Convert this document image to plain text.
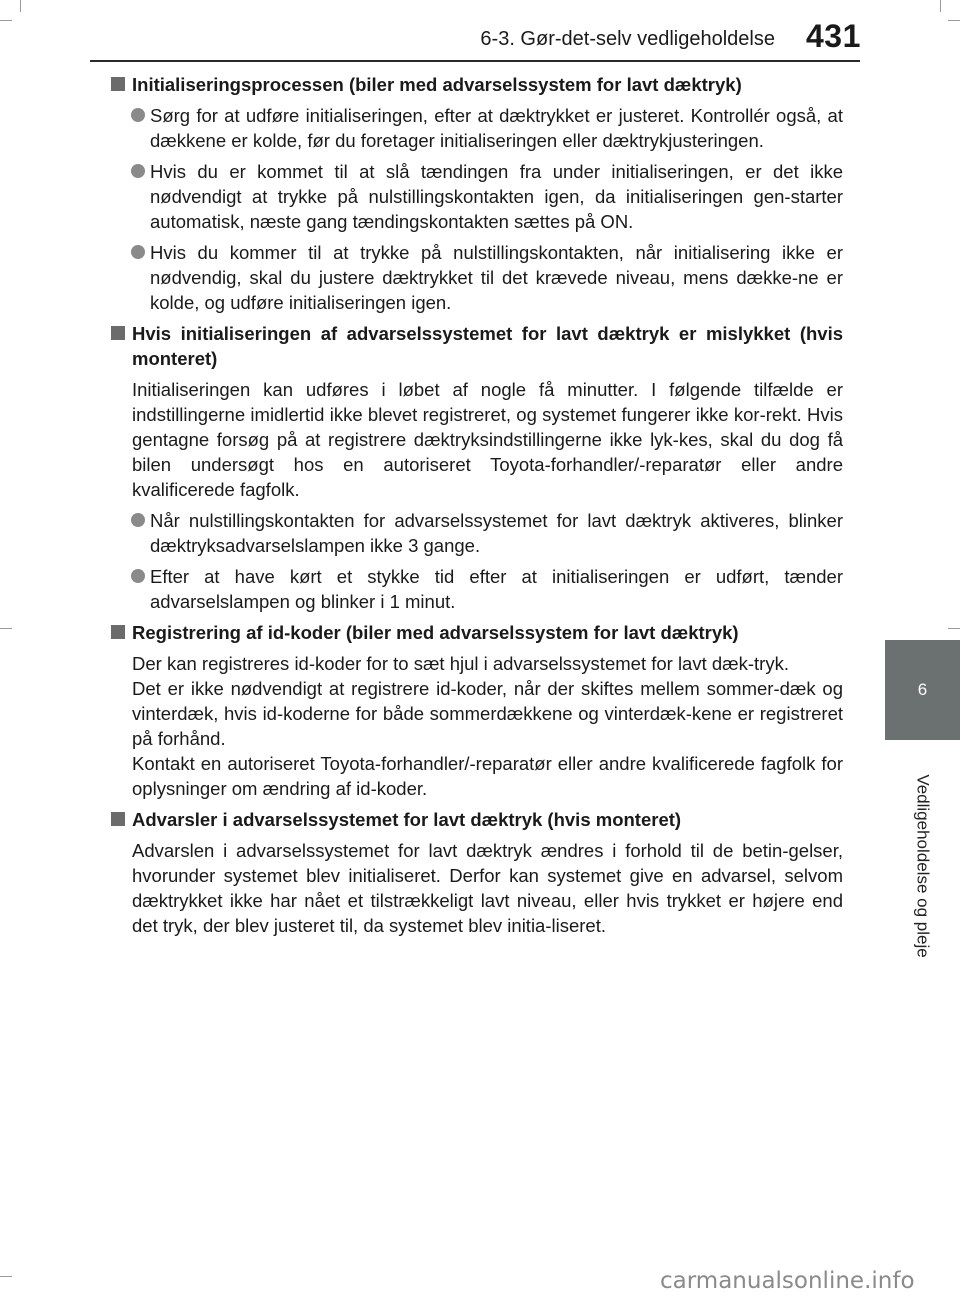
6-3. Gør-det-selv vedligeholdelse 431
6
Vedligeholdelse og pleje
Initialiseringsprocessen (biler med advarselssystem for lavt dæktryk)
Sørg for at udføre initialiseringen, efter at dæktrykket er justeret. Kontrollér også, at dækkene er kolde, før du foretager initialiseringen eller dæktrykjusteringen.
Hvis du er kommet til at slå tændingen fra under initialiseringen, er det ikke nødvendigt at trykke på nulstillingskontakten igen, da initialiseringen gen-starter automatisk, næste gang tændingskontakten sættes på ON.
Hvis du kommer til at trykke på nulstillingskontakten, når initialisering ikke er nødvendig, skal du justere dæktrykket til det krævede niveau, mens dække-ne er kolde, og udføre initialiseringen igen.
Hvis initialiseringen af advarselssystemet for lavt dæktryk er mislykket (hvis monteret)
Initialiseringen kan udføres i løbet af nogle få minutter. I følgende tilfælde er indstillingerne imidlertid ikke blevet registreret, og systemet fungerer ikke kor-rekt. Hvis gentagne forsøg på at registrere dæktryksindstillingerne ikke lyk-kes, skal du dog få bilen undersøgt hos en autoriseret Toyota-forhandler/-reparatør eller andre kvalificerede fagfolk.
Når nulstillingskontakten for advarselssystemet for lavt dæktryk aktiveres, blinker dæktryksadvarselslampen ikke 3 gange.
Efter at have kørt et stykke tid efter at initialiseringen er udført, tænder advarselslampen og blinker i 1 minut.
Registrering af id-koder (biler med advarselssystem for lavt dæktryk)
Der kan registreres id-koder for to sæt hjul i advarselssystemet for lavt dæk-tryk.
Det er ikke nødvendigt at registrere id-koder, når der skiftes mellem sommer-dæk og vinterdæk, hvis id-koderne for både sommerdækkene og vinterdæk-kene er registreret på forhånd.
Kontakt en autoriseret Toyota-forhandler/-reparatør eller andre kvalificerede fagfolk for oplysninger om ændring af id-koder.
Advarsler i advarselssystemet for lavt dæktryk (hvis monteret)
Advarslen i advarselssystemet for lavt dæktryk ændres i forhold til de betin-gelser, hvorunder systemet blev initialiseret. Derfor kan systemet give en advarsel, selvom dæktrykket ikke har nået et tilstrækkeligt lavt niveau, eller hvis trykket er højere end det tryk, der blev justeret til, da systemet blev initia-liseret.
carmanualsonline.info
